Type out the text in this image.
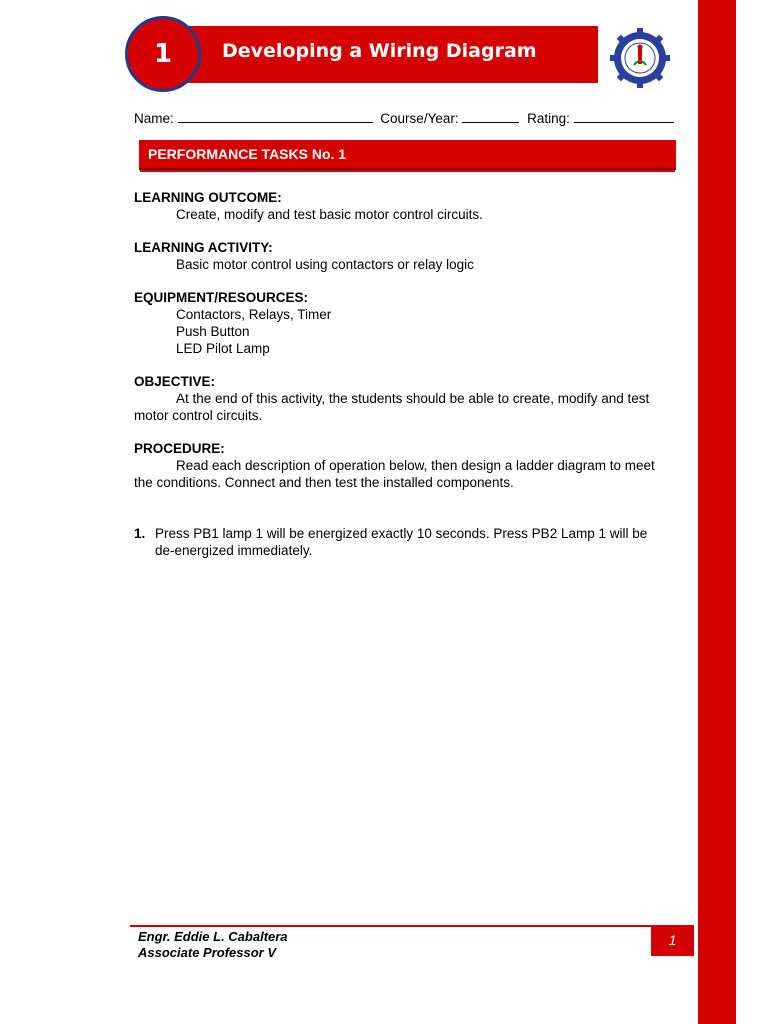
Developing a Wiring Diagram
1
Name:	Course/Year:	Rating:
PERFORMANCE TASKS No. 1
LEARNING OUTCOME:
Create, modify and test basic motor control circuits.
LEARNING ACTIVITY:
Basic motor control using contactors or relay logic
EQUIPMENT/RESOURCES:
Contactors, Relays, Timer
Push Button
LED Pilot Lamp
OBJECTIVE:
At the end of this activity, the students should be able to create, modify and test motor control circuits.
PROCEDURE:
Read each description of operation below, then design a ladder diagram to meet the conditions. Connect and then test the installed components.
1. Press PB1 lamp 1 will be energized exactly 10 seconds. Press PB2 Lamp 1 will be de-energized immediately.
Engr. Eddie L. Cabaltera
Associate Professor V
1
